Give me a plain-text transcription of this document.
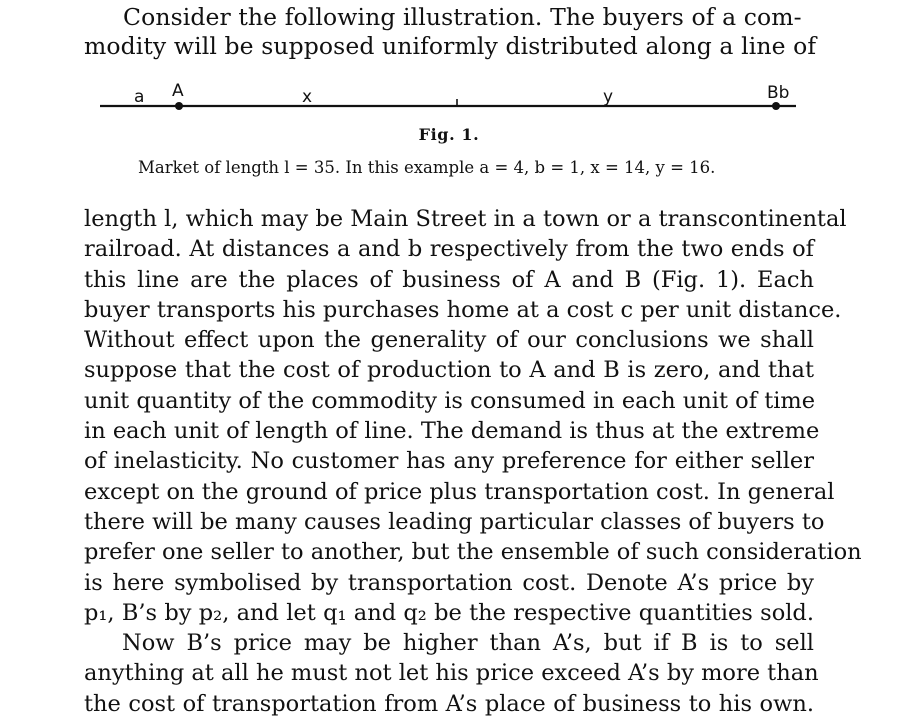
Consider the following illustration. The buyers of a com-
modity will be supposed uniformly distributed along a line of
a A	x	y	Bb
Fig. 1.
Market of length l = 35. In this example a = 4, b = 1, x = 14, y = 16.
length l, which may be Main Street in a town or a transcontinental
railroad. At distances a and b respectively from the two ends of
this line are the places of business of A and B (Fig. 1). Each
buyer transports his purchases home at a cost c per unit distance.
Without effect upon the generality of our conclusions we shall
suppose that the cost of production to A and B is zero, and that
unit quantity of the commodity is consumed in each unit of time
in each unit of length of line. The demand is thus at the extreme
of inelasticity. No customer has any preference for either seller
except on the ground of price plus transportation cost. In general
there will be many causes leading particular classes of buyers to
prefer one seller to another, but the ensemble of such consideration
is here symbolised by transportation cost. Denote A’s price by
p₁, B’s by p₂, and let q₁ and q₂ be the respective quantities sold.
Now B’s price may be higher than A’s, but if B is to sell
anything at all he must not let his price exceed A’s by more than
the cost of transportation from A’s place of business to his own.
